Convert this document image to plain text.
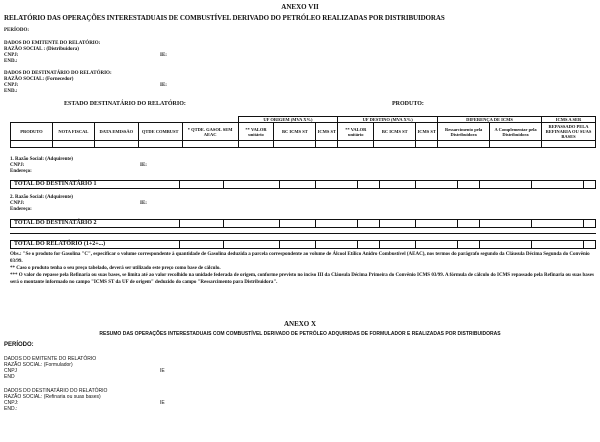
ANEXO VII
RELATÓRIO DAS OPERAÇÕES INTERESTADUAIS DE COMBUSTÍVEL DERIVADO DO PETRÓLEO REALIZADAS POR DISTRIBUIDORAS
PERÍODO:
DADOS DO EMITENTE DO RELATÓRIO:
RAZÃO SOCIAL : (Distribuidora)
CNPJ:	IE:
END.:
DADOS DO DESTINATÁRIO DO RELATÓRIO:
RAZÃO SOCIAL: (Fornecedor)
CNPJ:	IE:
END.:
ESTADO DESTINATÁRIO DO RELATÓRIO:	PRODUTO:
					UF ORIGEM (MVA X%)			UF DESTINO (MVA X%)			DIFERENÇA DE ICMS		ICMS A SER
PRODUTO	NOTA FISCAL	DATA EMISSÃO	QTDE COMBUST	* QTDE. GASOL SEM AEAC	** VALOR unitário	BC ICMS ST	ICMS ST	** VALOR unitário	BC ICMS ST	ICMS ST	Ressarcimento pela Distribuidora	A Complementar pela Distribuidora	REPASSADO PELA REFINARIA OU SUAS BASES

1. Razão Social: (Adquirente)
CNPJ:	IE:
Endereço:
TOTAL DO DESTINATÁRIO 1
2. Razão Social: (Adquirente)
CNPJ:	IE:
Endereço:
TOTAL DO DESTINATÁRIO 2
TOTAL DO RELATÓRIO (1+2+...)
Obs.: "Se o produto for Gasolina "C", especificar o volume correspondente à quantidade de Gasolina deduzida a parcela correspondente ao volume de Álcool Etílico Anidro Combustível (AEAC), nos termos do parágrafo segundo da Cláusula Décima Segunda do Convênio 03/99.
** Caso o produto tenha o seu preço tabelado, deverá ser utilizado este preço como base de cálculo.
*** O valor do repasse pela Refinaria ou suas bases, se limita até ao valor recolhido na unidade federada de origem, conforme previsto no inciso III da Cláusula Décima Primeira do Convênio ICMS 03/99. A fórmula de cálculo do ICMS repassado pela Refinaria ou suas bases será o montante informado no campo "ICMS ST da UF de origem" deduzido do campo "Ressarcimento para Distribuidora".
ANEXO X
RESUMO DAS OPERAÇÕES INTERESTADUAIS COM COMBUSTÍVEL DERIVADO DE PETRÓLEO ADQUIRIDAS DE FORMULADOR E REALIZADAS POR DISTRIBUIDORAS
PERÍODO:
DADOS DO EMITENTE DO RELATÓRIO
RAZÃO SOCIAL: (Formulador)
CNPJ	IE
END
DADOS DO DESTINATÁRIO DO RELATÓRIO
RAZÃO SOCIAL: (Refinaria ou suas bases)
CNPJ:	IE
END.:
